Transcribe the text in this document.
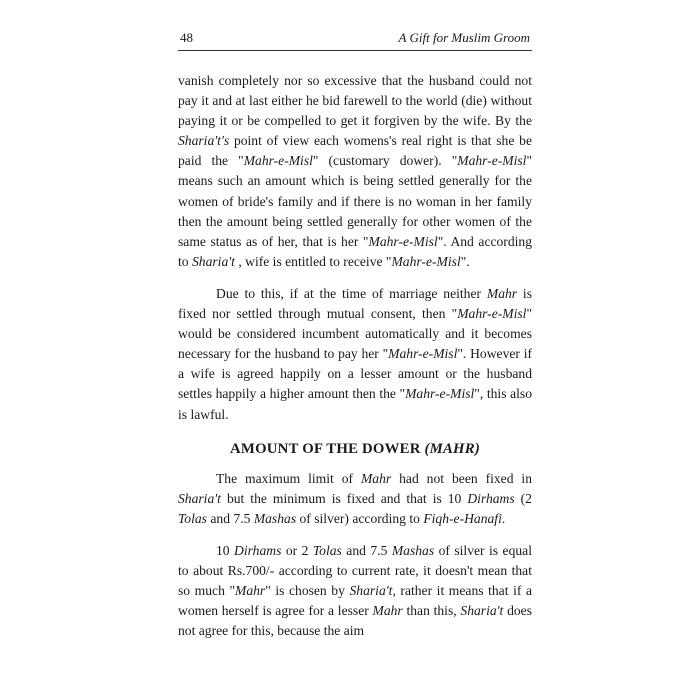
48	A Gift for Muslim Groom

vanish completely nor so excessive that the husband could not pay it and at last either he bid farewell to the world (die) without paying it or be compelled to get it forgiven by the wife. By the Sharia't's point of view each womens's real right is that she be paid the "Mahr-e-Misl" (customary dower). "Mahr-e-Misl" means such an amount which is being settled generally for the women of bride's family and if there is no woman in her family then the amount being settled generally for other women of the same status as of her, that is her "Mahr-e-Misl". And according to Sharia't , wife is entitled to receive "Mahr-e-Misl".

Due to this, if at the time of marriage neither Mahr is fixed nor settled through mutual consent, then "Mahr-e-Misl" would be considered incumbent automatically and it becomes necessary for the husband to pay her "Mahr-e-Misl". However if a wife is agreed happily on a lesser amount or the husband settles happily a higher amount then the "Mahr-e-Misl", this also is lawful.

AMOUNT OF THE DOWER (MAHR)

The maximum limit of Mahr had not been fixed in Sharia't but the minimum is fixed and that is 10 Dirhams (2 Tolas and 7.5 Mashas of silver) according to Fiqh-e-Hanafi.

10 Dirhams or 2 Tolas and 7.5 Mashas of silver is equal to about Rs.700/- according to current rate, it doesn't mean that so much "Mahr" is chosen by Sharia't, rather it means that if a women herself is agree for a lesser Mahr than this, Sharia't does not agree for this, because the aim
